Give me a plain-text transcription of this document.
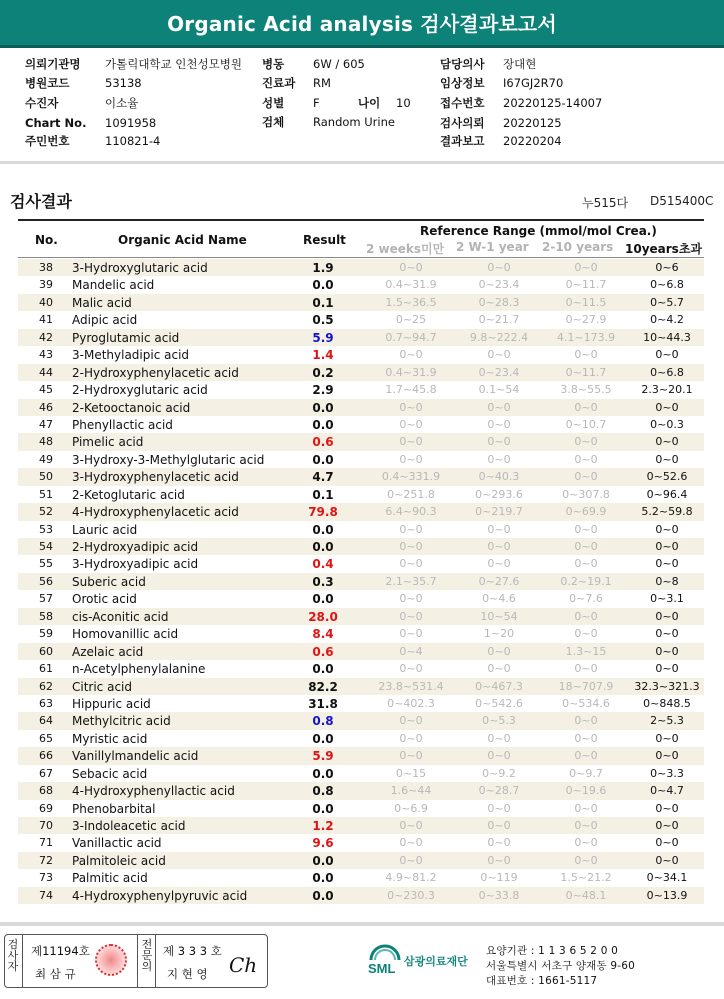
Organic Acid analysis 검사결과보고서
의뢰기관명 가톨릭대학교 인천성모병원
병원코드	53138
수진자	이소율
Chart No. 1091958
주민번호	110821-4
병동	6W / 605
진료과 RM
성별	F	나이 10
검체	Random Urine
담당의사 장대현
임상정보 I67GJ2R70
접수번호 20220125-14007
검사의뢰 20220125
결과보고 20220204
검사결과	누515다 D515400C
No.	Organic Acid Name	Result
Reference Range (mmol/mol Crea.)
2 weeks미만 2 W-1 year 2-10 years 10years초과
38	3-Hydroxyglutaric acid	1.9	0~0	0~0	0~0	0~6
39	Mandelic acid	0.0	0.4~31.9	0~23.4	0~11.7	0~6.8
40	Malic acid	0.1	1.5~36.5	0~28.3	0~11.5	0~5.7
41	Adipic acid	0.5	0~25	0~21.7	0~27.9	0~4.2
42	Pyroglutamic acid	5.9	0.7~94.7	9.8~222.4	4.1~173.9	10~44.3
43	3-Methyladipic acid	1.4	0~0	0~0	0~0	0~0
44	2-Hydroxyphenylacetic acid	0.2	0.4~31.9	0~23.4	0~11.7	0~6.8
45	2-Hydroxyglutaric acid	2.9	1.7~45.8	0.1~54	3.8~55.5	2.3~20.1
46	2-Ketooctanoic acid	0.0	0~0	0~0	0~0	0~0
47	Phenyllactic acid	0.0	0~0	0~0	0~10.7	0~0.3
48	Pimelic acid	0.6	0~0	0~0	0~0	0~0
49	3-Hydroxy-3-Methylglutaric acid	0.0	0~0	0~0	0~0	0~0
50	3-Hydroxyphenylacetic acid	4.7	0.4~331.9	0~40.3	0~0	0~52.6
51	2-Ketoglutaric acid	0.1	0~251.8	0~293.6	0~307.8	0~96.4
52	4-Hydroxyphenylacetic acid	79.8	6.4~90.3	0~219.7	0~69.9	5.2~59.8
53	Lauric acid	0.0	0~0	0~0	0~0	0~0
54	2-Hydroxyadipic acid	0.0	0~0	0~0	0~0	0~0
55	3-Hydroxyadipic acid	0.4	0~0	0~0	0~0	0~0
56	Suberic acid	0.3	2.1~35.7	0~27.6	0.2~19.1	0~8
57	Orotic acid	0.0	0~0	0~4.6	0~7.6	0~3.1
58	cis-Aconitic acid	28.0	0~0	10~54	0~0	0~0
59	Homovanillic acid	8.4	0~0	1~20	0~0	0~0
60	Azelaic acid	0.6	0~4	0~0	1.3~15	0~0
61	n-Acetylphenylalanine	0.0	0~0	0~0	0~0	0~0
62	Citric acid	82.2	23.8~531.4	0~467.3	18~707.9	32.3~321.3
63	Hippuric acid	31.8	0~402.3	0~542.6	0~534.6	0~848.5
64	Methylcitric acid	0.8	0~0	0~5.3	0~0	2~5.3
65	Myristic acid	0.0	0~0	0~0	0~0	0~0
66	Vanillylmandelic acid	5.9	0~0	0~0	0~0	0~0
67	Sebacic acid	0.0	0~15	0~9.2	0~9.7	0~3.3
68	4-Hydroxyphenyllactic acid	0.8	1.6~44	0~28.7	0~19.6	0~4.7
69	Phenobarbital	0.0	0~6.9	0~0	0~0	0~0
70	3-Indoleacetic acid	1.2	0~0	0~0	0~0	0~0
71	Vanillactic acid	9.6	0~0	0~0	0~0	0~0
72	Palmitoleic acid	0.0	0~0	0~0	0~0	0~0
73	Palmitic acid	0.0	4.9~81.2	0~119	1.5~21.2	0~34.1
74	4-Hydroxyphenylpyruvic acid	0.0	0~230.3	0~33.8	0~48.1	0~13.9
검사자
제11194호
최 삼 규
전문의
제 3 3 3 호
지 현 영 Ch	SML 삼광의료재단
요양기관 : 1 1 3 6 5 2 0 0
서울특별시 서초구 양재동 9-60
대표번호 : 1661-5117
